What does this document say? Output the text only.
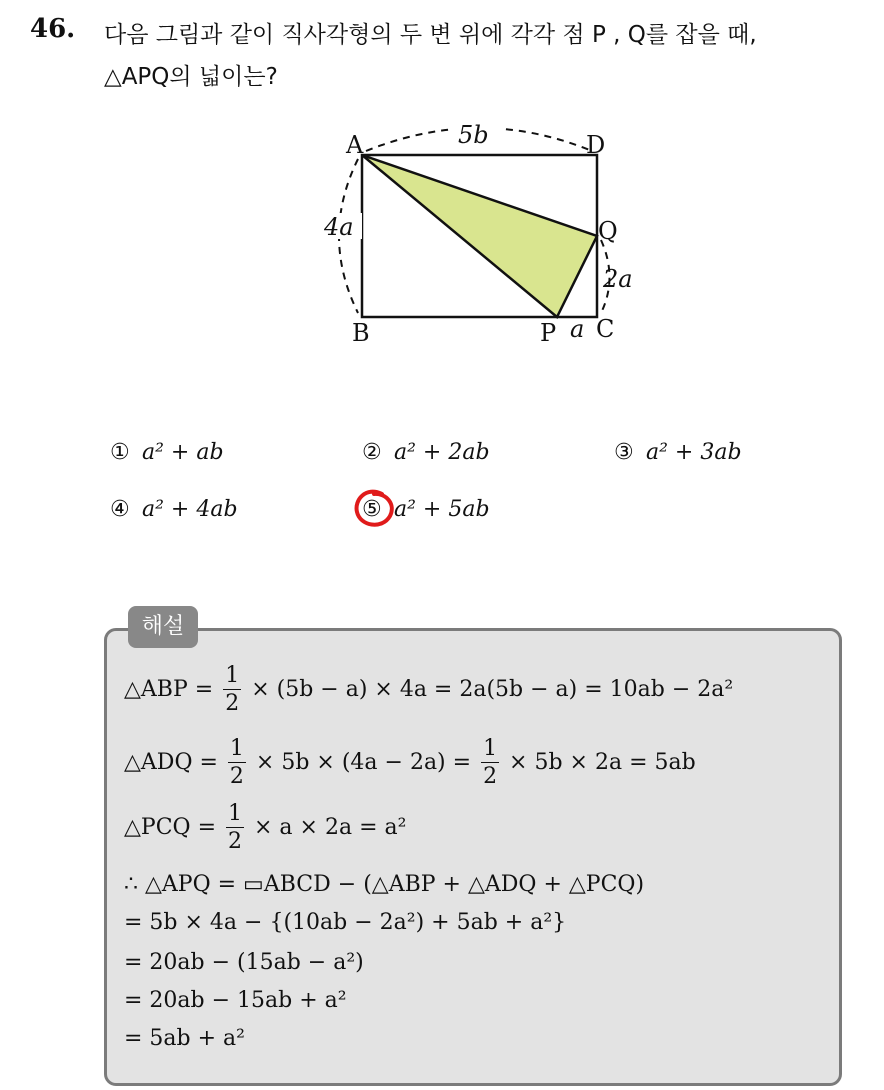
46. 다음 그림과 같이 직사각형의 두 변 위에 각각 점 P , Q를 잡을 때,
△APQ의 넓이는?
A	D
B	C
P
Q
5b
4a
2a
a
① a² + ab	② a² + 2ab	③ a² + 3ab
④ a² + 4ab	⑤ a² + 5ab
해설
△ABP = $\frac{1}{2} \times (5b - a) \times 4a = 2a(5b - a) = 10ab - 2a^2$
△ADQ = $\frac{1}{2} \times 5b \times (4a - 2a) = \frac{1}{2} \times 5b \times 2a = 5ab$
△PCQ = $\frac{1}{2} \times a \times 2a = a^2$
∴ △APQ = ▭ABCD − (△ABP + △ADQ + △PCQ)
= 5b × 4a − {(10ab − 2a²) + 5ab + a²}
= 20ab − (15ab − a²)
= 20ab − 15ab + a²
= 5ab + a²
